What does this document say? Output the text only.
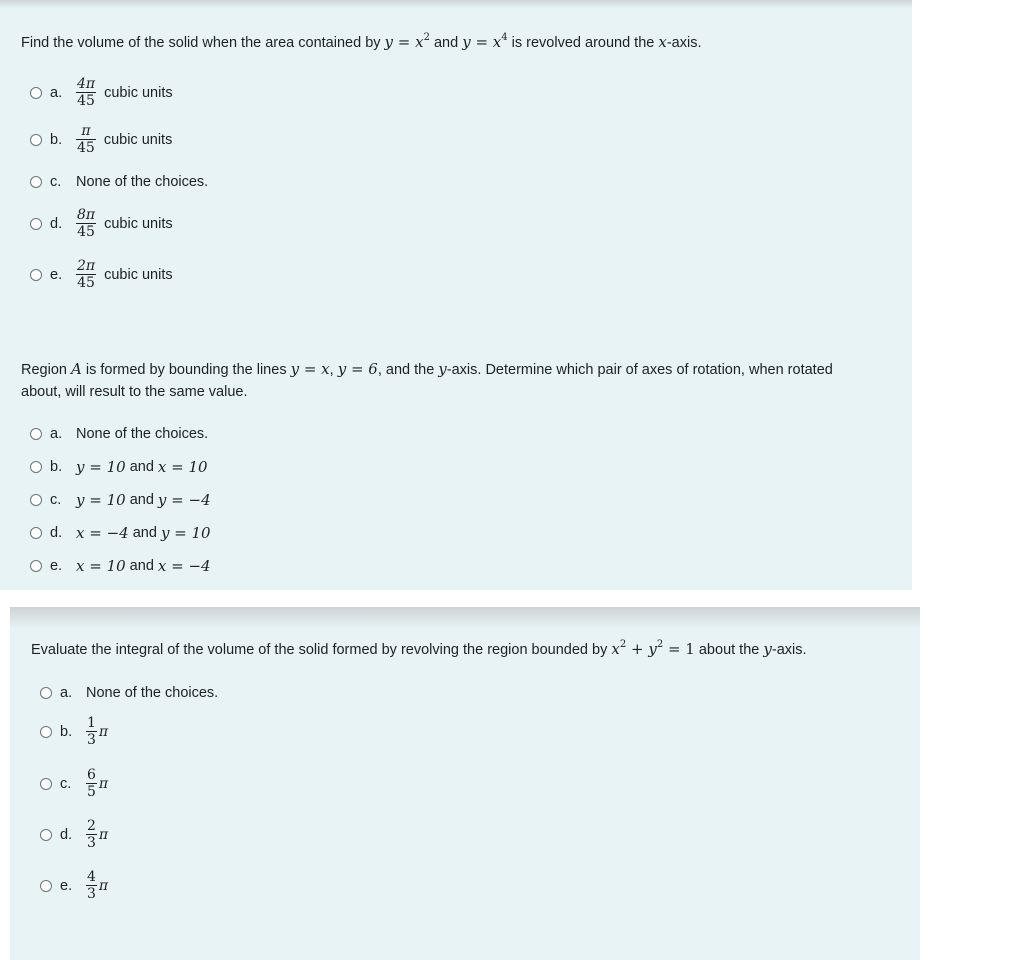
Find the volume of the solid when the area contained by $y = x^2$ and $y = x^4$ is revolved around the x-axis.
a. $\frac{4\pi}{45}$ cubic units
b. $\frac{\pi}{45}$ cubic units
c.	None of the choices.
d. $\frac{8\pi}{45}$ cubic units
e. $\frac{2\pi}{45}$ cubic units
Region A is formed by bounding the lines y = x, y = 6, and the y-axis. Determine which pair of axes of rotation, when rotated
about, will result to the same value.
a. None of the choices.
b. y = 10 and x = 10
c. y = 10 and y = −4
d. x = −4 and y = 10
e. x = 10 and x = −4
Evaluate the integral of the volume of the solid formed by revolving the region bounded by $x^2 + y^2 = 1$ about the y-axis.
a. None of the choices.
b. $\frac{1}{3}$ π
c.	$\frac{6}{5}$ π
d. $\frac{2}{3}$ π
e. $\frac{4}{3}$ π
